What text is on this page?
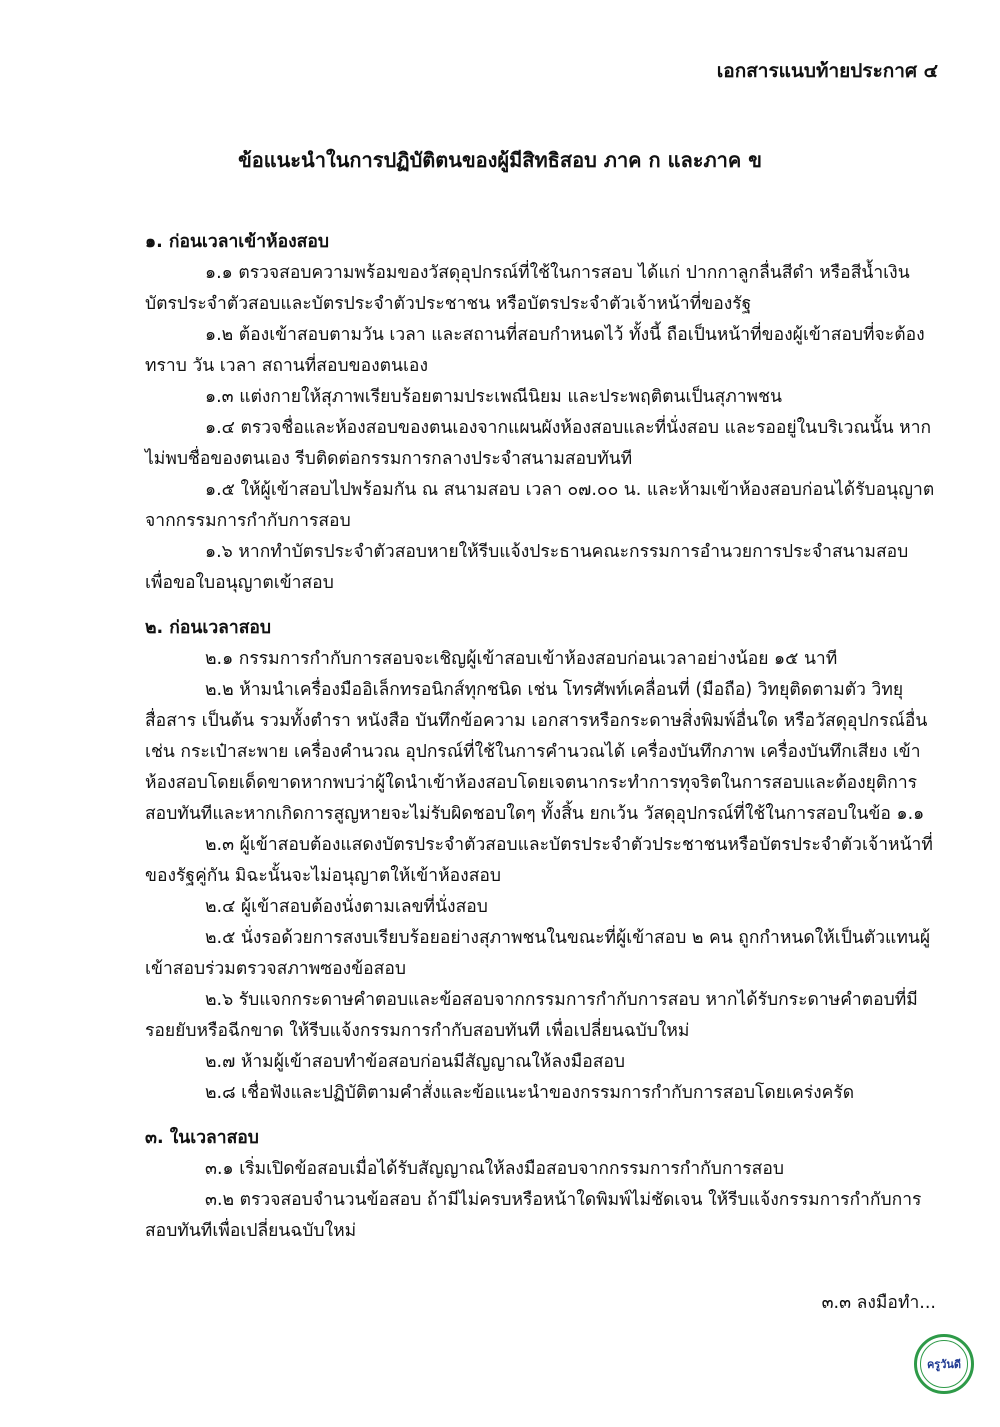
เอกสารแนบท้ายประกาศ ๔
ข้อแนะนำในการปฏิบัติตนของผู้มีสิทธิสอบ ภาค ก และภาค ข

๑. ก่อนเวลาเข้าห้องสอบ

๑.๑ ตรวจสอบความพร้อมของวัสดุอุปกรณ์ที่ใช้ในการสอบ ได้แก่ ปากกาลูกลื่นสีดำ หรือสีน้ำเงิน บัตรประจำตัวสอบและบัตรประจำตัวประชาชน หรือบัตรประจำตัวเจ้าหน้าที่ของรัฐ

๑.๒ ต้องเข้าสอบตามวัน เวลา และสถานที่สอบกำหนดไว้ ทั้งนี้ ถือเป็นหน้าที่ของผู้เข้าสอบที่จะต้องทราบ วัน เวลา สถานที่สอบของตนเอง

๑.๓ แต่งกายให้สุภาพเรียบร้อยตามประเพณีนิยม และประพฤติตนเป็นสุภาพชน

๑.๔ ตรวจชื่อและห้องสอบของตนเองจากแผนผังห้องสอบและที่นั่งสอบ และรออยู่ในบริเวณนั้น หากไม่พบชื่อของตนเอง รีบติดต่อกรรมการกลางประจำสนามสอบทันที

๑.๕ ให้ผู้เข้าสอบไปพร้อมกัน ณ สนามสอบ เวลา ๐๗.๐๐ น. และห้ามเข้าห้องสอบก่อนได้รับอนุญาตจากกรรมการกำกับการสอบ

๑.๖ หากทำบัตรประจำตัวสอบหายให้รีบแจ้งประธานคณะกรรมการอำนวยการประจำสนามสอบเพื่อขอใบอนุญาตเข้าสอบ

๒. ก่อนเวลาสอบ

๒.๑ กรรมการกำกับการสอบจะเชิญผู้เข้าสอบเข้าห้องสอบก่อนเวลาอย่างน้อย ๑๕ นาที

๒.๒ ห้ามนำเครื่องมืออิเล็กทรอนิกส์ทุกชนิด เช่น โทรศัพท์เคลื่อนที่ (มือถือ) วิทยุติดตามตัว วิทยุสื่อสาร เป็นต้น รวมทั้งตำรา หนังสือ บันทึกข้อความ เอกสารหรือกระดาษสิ่งพิมพ์อื่นใด หรือวัสดุอุปกรณ์อื่น เช่น กระเป๋าสะพาย เครื่องคำนวณ อุปกรณ์ที่ใช้ในการคำนวณได้ เครื่องบันทึกภาพ เครื่องบันทึกเสียง เข้าห้องสอบโดยเด็ดขาดหากพบว่าผู้ใดนำเข้าห้องสอบโดยเจตนากระทำการทุจริตในการสอบและต้องยุติการสอบทันทีและหากเกิดการสูญหายจะไม่รับผิดชอบใดๆ ทั้งสิ้น ยกเว้น วัสดุอุปกรณ์ที่ใช้ในการสอบในข้อ ๑.๑

๒.๓ ผู้เข้าสอบต้องแสดงบัตรประจำตัวสอบและบัตรประจำตัวประชาชนหรือบัตรประจำตัวเจ้าหน้าที่ของรัฐคู่กัน มิฉะนั้นจะไม่อนุญาตให้เข้าห้องสอบ

๒.๔ ผู้เข้าสอบต้องนั่งตามเลขที่นั่งสอบ

๒.๕ นั่งรอด้วยการสงบเรียบร้อยอย่างสุภาพชนในขณะที่ผู้เข้าสอบ ๒ คน ถูกกำหนดให้เป็นตัวแทนผู้เข้าสอบร่วมตรวจสภาพซองข้อสอบ

๒.๖ รับแจกกระดาษคำตอบและข้อสอบจากกรรมการกำกับการสอบ หากได้รับกระดาษคำตอบที่มีรอยยับหรือฉีกขาด ให้รีบแจ้งกรรมการกำกับสอบทันที เพื่อเปลี่ยนฉบับใหม่

๒.๗ ห้ามผู้เข้าสอบทำข้อสอบก่อนมีสัญญาณให้ลงมือสอบ

๒.๘ เชื่อฟังและปฏิบัติตามคำสั่งและข้อแนะนำของกรรมการกำกับการสอบโดยเคร่งครัด

๓. ในเวลาสอบ

๓.๑ เริ่มเปิดข้อสอบเมื่อได้รับสัญญาณให้ลงมือสอบจากกรรมการกำกับการสอบ

๓.๒ ตรวจสอบจำนวนข้อสอบ ถ้ามีไม่ครบหรือหน้าใดพิมพ์ไม่ชัดเจน ให้รีบแจ้งกรรมการกำกับการสอบทันทีเพื่อเปลี่ยนฉบับใหม่

๓.๓ ลงมือทำ...
ครูวันดี
